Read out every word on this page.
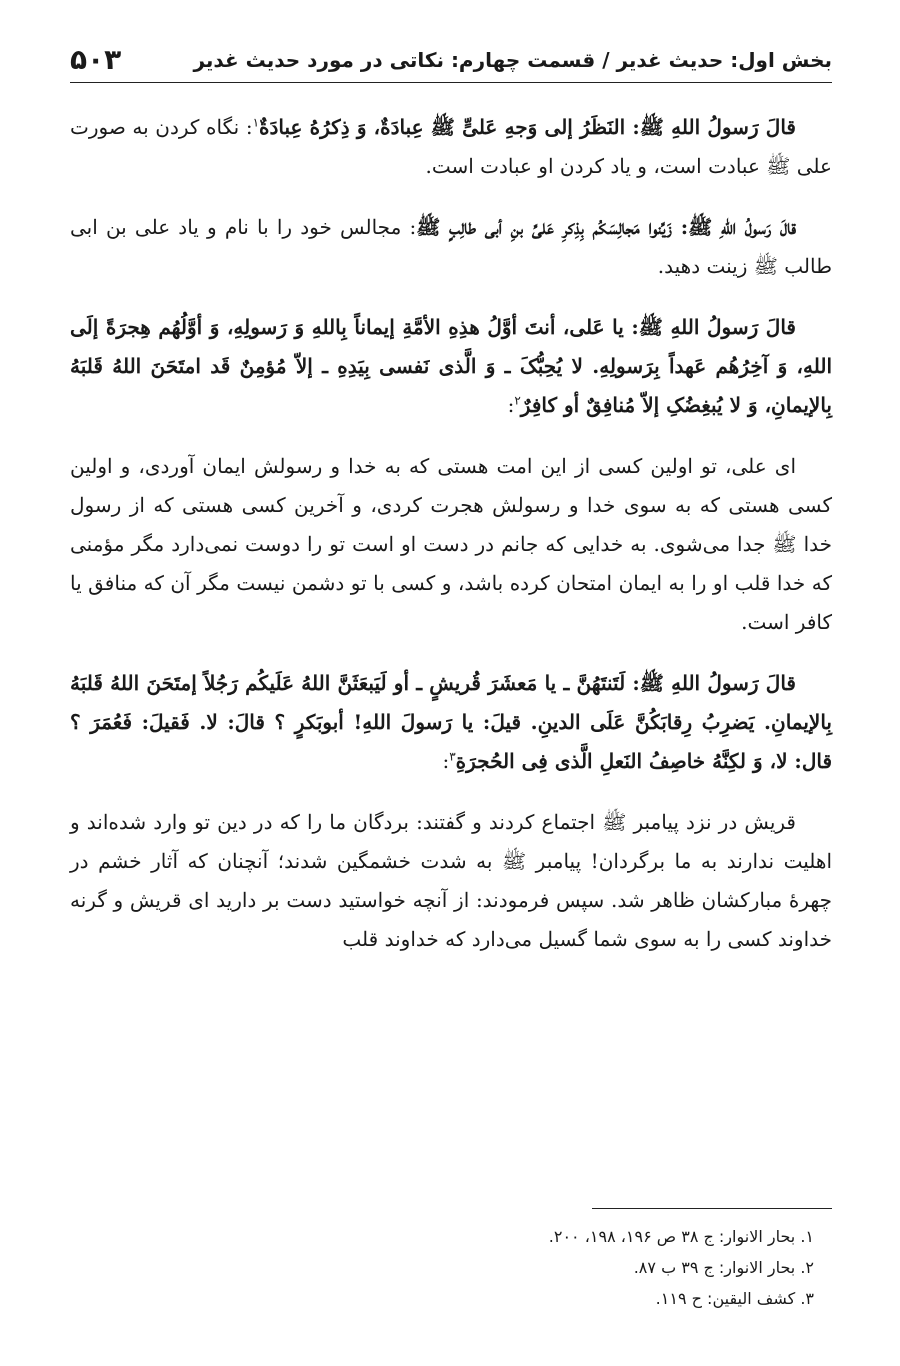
بخش اول: حدیث غدیر / قسمت چهارم: نکاتی در مورد حدیث غدیر
۵۰۳

قالَ رَسولُ اللهِ ﷺ: النَظَرُ إلی وَجهِ عَلیٍّ ﷺ عِبادَةٌ، وَ ذِکرُهُ عِبادَةٌ$^۱$: نگاه کردن به صورت علی ﷺ عبادت است، و یاد کردن او عبادت است.

قالَ رَسولُ اللهِ ﷺ: زَیِّنوا مَجالِسَکُم بِذِکرِ عَلیِّ بنِ أبی طالِبٍ ﷺ: مجالس خود را با نام و یاد علی بن ابی طالب ﷺ زینت دهید.

قالَ رَسولُ اللهِ ﷺ: یا عَلی، أنتَ أوَّلُ هذِهِ الأمَّةِ إیماناً بِاللهِ وَ رَسولِهِ، وَ أوَّلُهُم هِجرَةً إلَی اللهِ، وَ آخِرُهُم عَهداً بِرَسولِهِ. لا یُحِبُّکَ ـ وَ الَّذی نَفسی بِیَدِهِ ـ إلاّ مُؤمِنٌ قَد امتَحَنَ اللهُ قَلبَهُ بِالإیمانِ، وَ لا یُبغِضُکِ إلاّ مُنافِقٌ أو کافِرٌ$^۲$:

ای علی، تو اولین کسی از این امت هستی که به خدا و رسولش ایمان آوردی، و اولین کسی هستی که به سوی خدا و رسولش هجرت کردی، و آخرین کسی هستی که از رسول خدا ﷺ جدا می‌شوی. به خدایی که جانم در دست او است تو را دوست نمی‌دارد مگر مؤمنی که خدا قلب او را به ایمان امتحان کرده باشد، و کسی با تو دشمن نیست مگر آن که منافق یا کافر است.

قالَ رَسولُ اللهِ ﷺ: لَتَنتَهُنَّ ـ یا مَعشَرَ قُریشٍ ـ أو لَیَبعَثَنَّ اللهُ عَلَیکُم رَجُلاً إمتَحَنَ اللهُ قَلبَهُ بِالإیمانِ. یَضرِبُ رِقابَکُنَّ عَلَی الدینِ. قیلَ: یا رَسولَ اللهِ! أبوبَکرٍ ؟ قالَ: لا. فَقیلَ: فَعُمَرَ ؟ قال: لا، وَ لکِنَّهُ خاصِفُ النَعلِ الَّذی فِی الحُجرَةِ$^۳$:

قریش در نزد پیامبر ﷺ اجتماع کردند و گفتند: بردگان ما را که در دین تو وارد شده‌اند و اهلیت ندارند به ما برگردان! پیامبر ﷺ به شدت خشمگین شدند؛ آنچنان که آثار خشم در چهرهٔ مبارکشان ظاهر شد. سپس فرمودند: از آنچه خواستید دست بر دارید ای قریش و گرنه خداوند کسی را به سوی شما گسیل می‌دارد که خداوند قلب

۱. بحار الانوار: ج ۳۸ ص ۱۹۶، ۱۹۸، ۲۰۰.
۲. بحار الانوار: ج ۳۹ ب ۸۷.
۳. کشف الیقین: ح ۱۱۹.
